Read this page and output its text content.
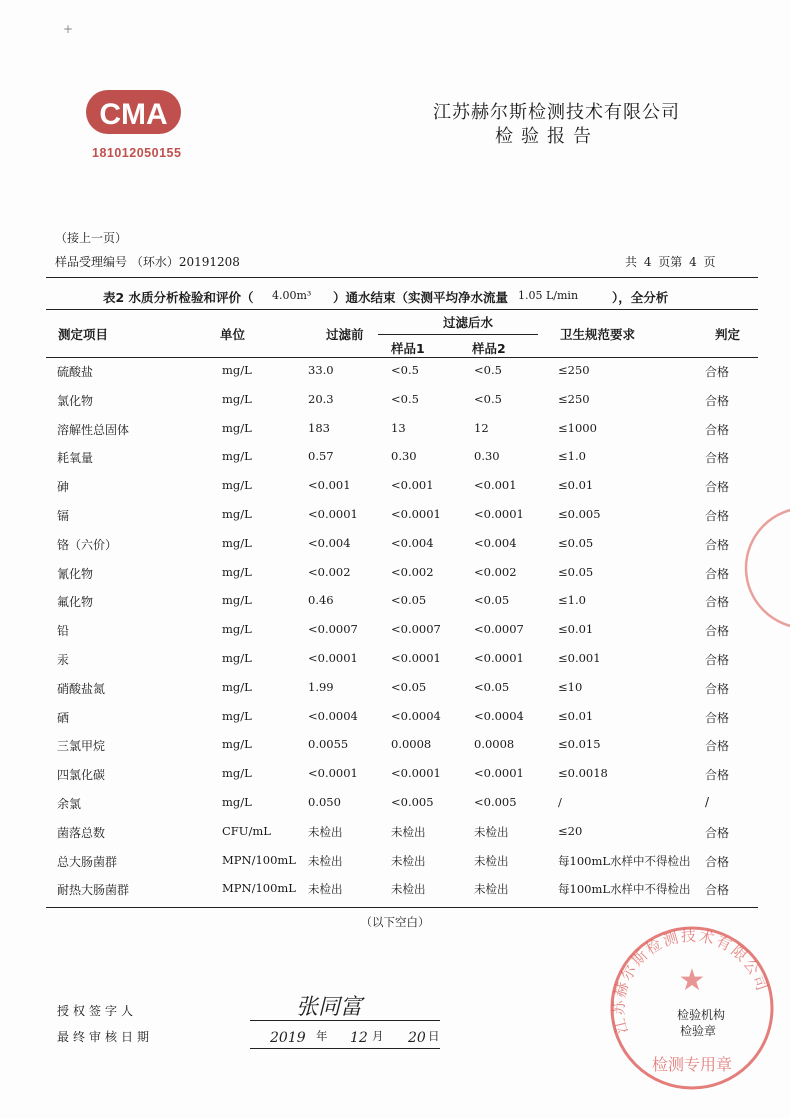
+
CMA
181012050155
江苏赫尔斯检测技术有限公司
检验报告
（接上一页）
样品受理编号 （环水）20191208	共 4 页第 4 页
表2 水质分析检验和评价（ 4.00m³ ）通水结束（实测平均净水流量 1.05 L/min	），全分析
测定项目	单位	过滤前
过滤后水
样品1	样品2
卫生规范要求	判定
硫酸盐	mg/L	33.0	<0.5	<0.5	≤250	合格
氯化物	mg/L	20.3	<0.5	<0.5	≤250	合格
溶解性总固体	mg/L	183	13	12	≤1000	合格
耗氧量	mg/L	0.57	0.30	0.30	≤1.0	合格
砷	mg/L	<0.001	<0.001	<0.001	≤0.01	合格
镉	mg/L	<0.0001	<0.0001	<0.0001	≤0.005	合格
铬（六价）	mg/L	<0.004	<0.004	<0.004	≤0.05	合格
氰化物	mg/L	<0.002	<0.002	<0.002	≤0.05	合格
氟化物	mg/L	0.46	<0.05	<0.05	≤1.0	合格
铅	mg/L	<0.0007	<0.0007	<0.0007	≤0.01	合格
汞	mg/L	<0.0001	<0.0001	<0.0001	≤0.001	合格
硝酸盐氮	mg/L	1.99	<0.05	<0.05	≤10	合格
硒	mg/L	<0.0004	<0.0004	<0.0004	≤0.01	合格
三氯甲烷	mg/L	0.0055	0.0008	0.0008	≤0.015	合格
四氯化碳	mg/L	<0.0001	<0.0001	<0.0001	≤0.0018	合格
余氯	mg/L	0.050	<0.005	<0.005	/	/
菌落总数	CFU/mL	未检出	未检出	未检出	≤20	合格
总大肠菌群	MPN/100mL 未检出	未检出	未检出	每100mL水样中不得检出 合格
耐热大肠菌群	MPN/100mL 未检出	未检出	未检出	每100mL水样中不得检出 合格
（以下空白）
授权签字人
最终审核日期
张同富
2019 年 12 月 20 日
江苏赫尔斯检测技术有限公司
★
检测专用章
检验机构
检验章
